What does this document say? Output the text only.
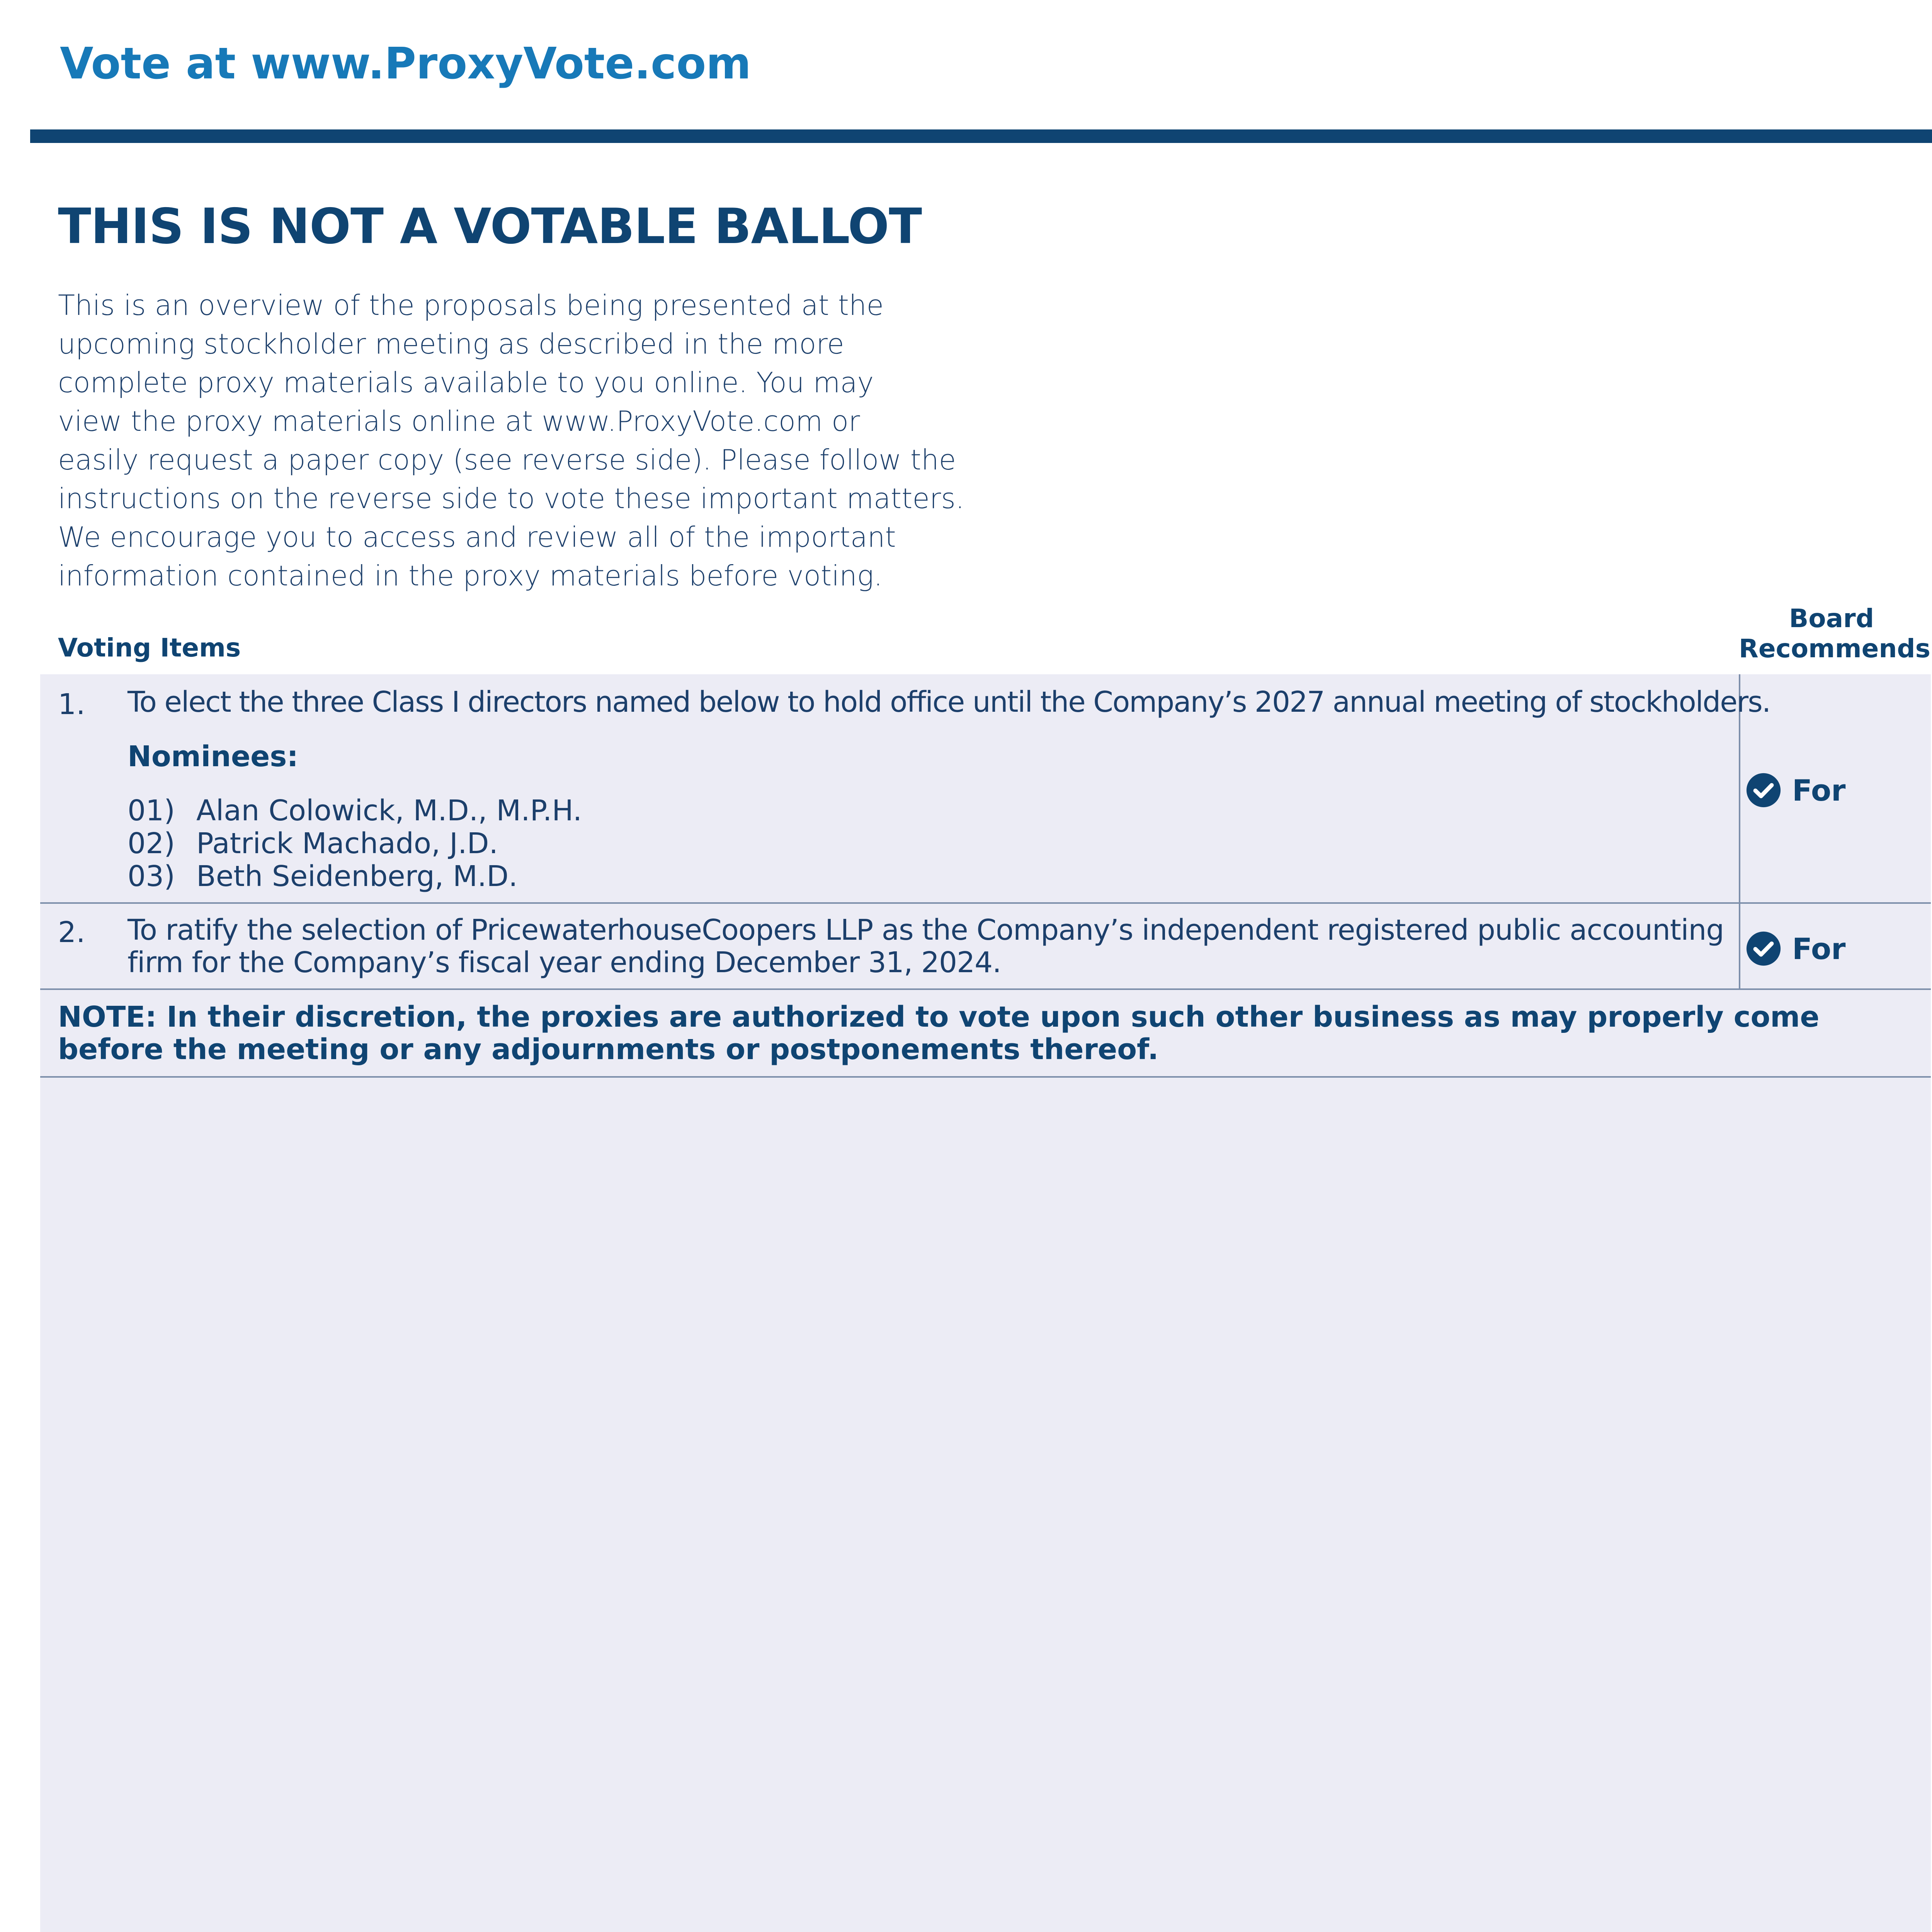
Vote at www.ProxyVote.com
THIS IS NOT A VOTABLE BALLOT
This is an overview of the proposals being presented at the
upcoming stockholder meeting as described in the more
complete proxy materials available to you online. You may
view the proxy materials online at www.ProxyVote.com or
easily request a paper copy (see reverse side). Please follow the
instructions on the reverse side to vote these important matters.
We encourage you to access and review all of the important
information contained in the proxy materials before voting.
Voting Items
Board
Recommends
1. To elect the three Class I directors named below to hold office until the Company’s 2027 annual meeting of stockholders.
Nominees:
01) Alan Colowick, M.D., M.P.H.
02) Patrick Machado, J.D.
03) Beth Seidenberg, M.D.
For
2. To ratify the selection of PricewaterhouseCoopers LLP as the Company’s independent registered public accounting
firm for the Company’s fiscal year ending December 31, 2024.	For
NOTE: In their discretion, the proxies are authorized to vote upon such other business as may properly come
before the meeting or any adjournments or postponements thereof.
